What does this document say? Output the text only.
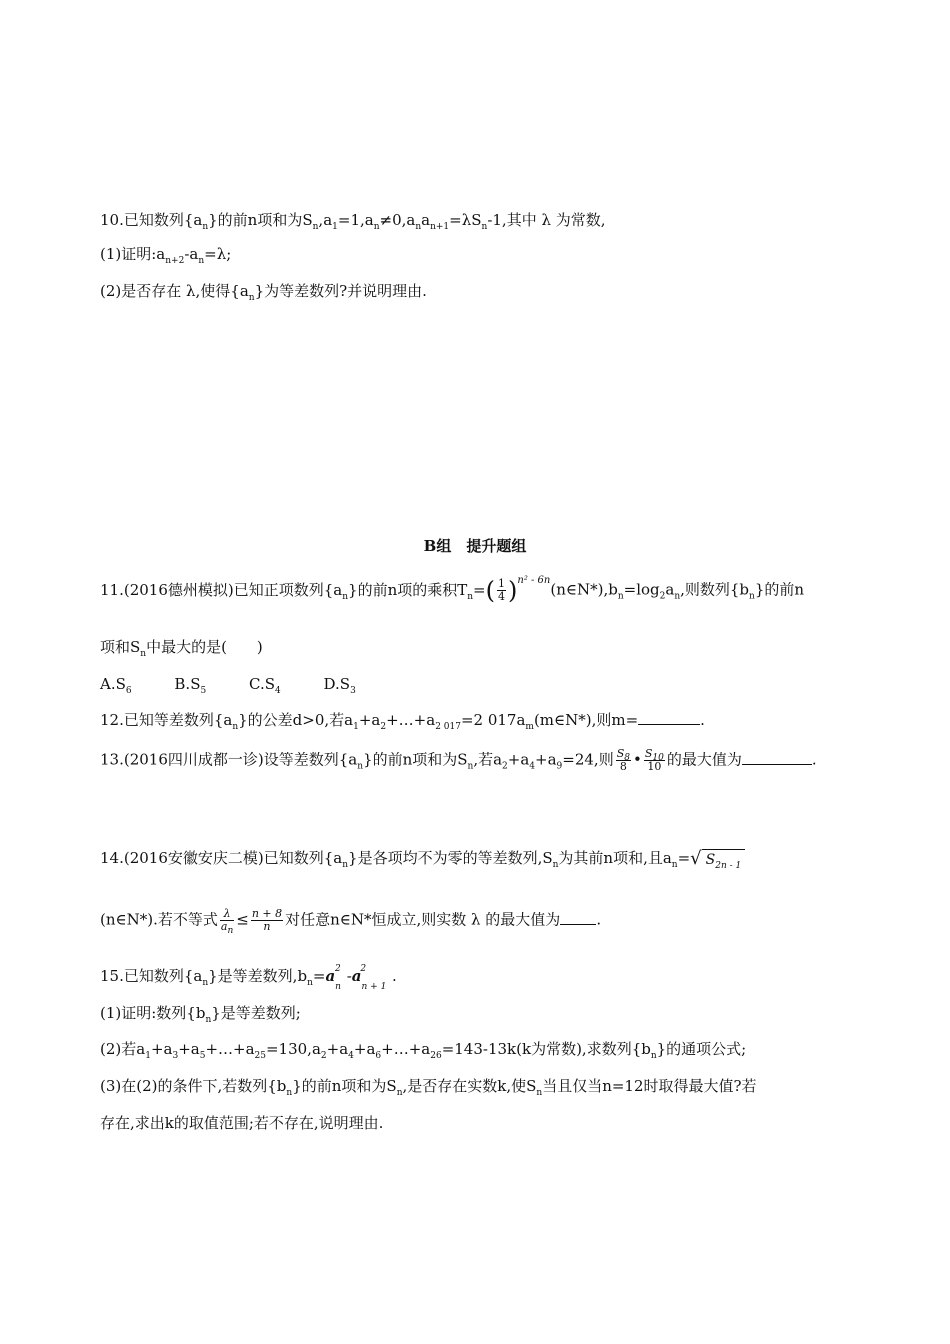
10.已知数列$\{a_n\}$的前n项和为$S_n,a_1=1,a_n\ne 0,a_na_{n+1}=\lambda S_n-1$,其中 λ 为常数,
(1)证明$:a_{n+2}-a_n=\lambda$;
(2)是否存在 λ,使得$\{a_n\}$为等差数列?并说明理由.
B组　提升题组
11.(2016德州模拟)已知正项数列$\{a_n\}$的前n项的乘积$T_n=( \frac{1}{4}$ )$^{n^2 - 6n}(n\in N*),b_n=\log_2a_n$,则数列$\{b_n\}$的前n
项和$S_n$中最大的是(　　)
$A.S_6$	$B.S_5$	$C.S_4$	$D.S_3$
12.已知等差数列$\{a_n\}$的公差d>0,若$a_1+a_2+\dots+a_{2 017}=2$ $017a_m(m\in N*)$,则m=	.
13.(2016四川成都一诊)设等差数列$\{a_n\}$的前n项和为$S_n$,若$a_2+a_4+a_9=24$,则 $\frac{S_8}{8}$ • $\frac{S_{10}}{10}$ 的最大值为	.
14.(2016安徽安庆二模)已知数列$\{a_n\}$是各项均不为零的等差数列$,S_n$为其前n项和,且$a_n=√$ $S_{2n - 1}$
(n∈N*).若不等式 $\frac{\lambda}{a_n} \le \frac{n + 8}{n}$ 对任意n∈N*恒成立,则实数 λ 的最大值为 .
15.已知数列$\{a_n\}$是等差数列$,b_n=a_n^2$ $-a_{n + 1}^2$ .
(1)证明:数列$\{b_n\}$是等差数列;
(2)若$a_1+a_3+a_5+\dots+a_{25}=130,a_2+a_4+a_6+\dots+a_{26}=143-13k(k$为常数),求数列$\{b_n\}$的通项公式;
(3)在(2)的条件下,若数列$\{b_n\}$的前n项和为$S_n$,是否存在实数k,使$S_n$当且仅当n=12时取得最大值?若
存在,求出k的取值范围;若不存在,说明理由.
